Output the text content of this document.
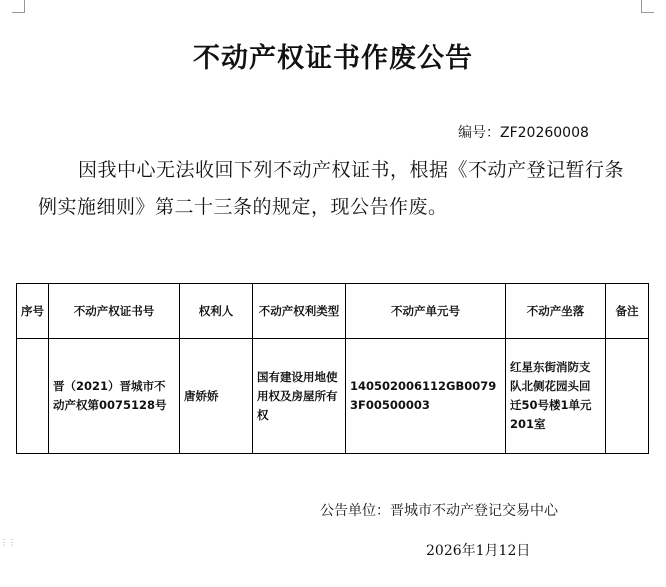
⋮⋮
不动产权证书作废公告
编号：ZF20260008
因我中心无法收回下列不动产权证书，根据《不动产登记暂行条例实施细则》第二十三条的规定，现公告作废。
序号	不动产权证书号	权利人	不动产权利类型	不动产单元号	不动产坐落	备注
	晋（2021）晋城市不动产权第0075128号	唐娇娇	国有建设用地使用权及房屋所有权	140502006112GB00793F00500003	红星东街消防支队北侧花园头回迁50号楼1单元201室	
公告单位：晋城市不动产登记交易中心
2026年1月12日
